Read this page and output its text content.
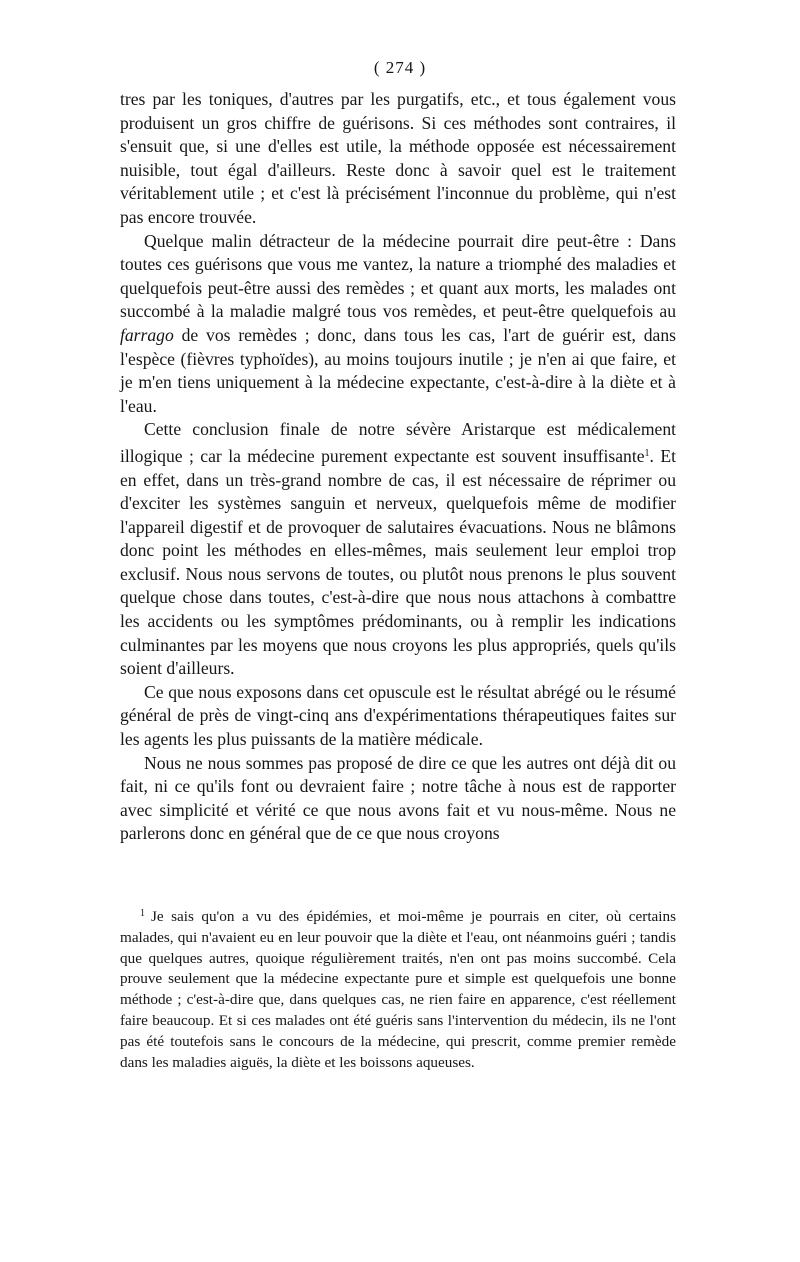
( 274 )

tres par les toniques, d'autres par les purgatifs, etc., et tous également vous produisent un gros chiffre de guérisons. Si ces méthodes sont contraires, il s'ensuit que, si une d'elles est utile, la méthode opposée est nécessairement nuisible, tout égal d'ailleurs. Reste donc à savoir quel est le traitement véritablement utile ; et c'est là précisément l'inconnue du problème, qui n'est pas encore trouvée.

Quelque malin détracteur de la médecine pourrait dire peut-être : Dans toutes ces guérisons que vous me vantez, la nature a triomphé des maladies et quelquefois peut-être aussi des remèdes ; et quant aux morts, les malades ont succombé à la maladie malgré tous vos remèdes, et peut-être quelquefois au farrago de vos remèdes ; donc, dans tous les cas, l'art de guérir est, dans l'espèce (fièvres typhoïdes), au moins toujours inutile ; je n'en ai que faire, et je m'en tiens uniquement à la médecine expectante, c'est-à-dire à la diète et à l'eau.

Cette conclusion finale de notre sévère Aristarque est médicalement illogique ; car la médecine purement expectante est souvent insuffisante$^1$. Et en effet, dans un très-grand nombre de cas, il est nécessaire de réprimer ou d'exciter les systèmes sanguin et nerveux, quelquefois même de modifier l'appareil digestif et de provoquer de salutaires évacuations. Nous ne blâmons donc point les méthodes en elles-mêmes, mais seulement leur emploi trop exclusif. Nous nous servons de toutes, ou plutôt nous prenons le plus souvent quelque chose dans toutes, c'est-à-dire que nous nous attachons à combattre les accidents ou les symptômes prédominants, ou à remplir les indications culminantes par les moyens que nous croyons les plus appropriés, quels qu'ils soient d'ailleurs.

Ce que nous exposons dans cet opuscule est le résultat abrégé ou le résumé général de près de vingt-cinq ans d'expérimentations thérapeutiques faites sur les agents les plus puissants de la matière médicale.

Nous ne nous sommes pas proposé de dire ce que les autres ont déjà dit ou fait, ni ce qu'ils font ou devraient faire ; notre tâche à nous est de rapporter avec simplicité et vérité ce que nous avons fait et vu nous-même. Nous ne parlerons donc en général que de ce que nous croyons

$^1$ Je sais qu'on a vu des épidémies, et moi-même je pourrais en citer, où certains malades, qui n'avaient eu en leur pouvoir que la diète et l'eau, ont néanmoins guéri ; tandis que quelques autres, quoique régulièrement traités, n'en ont pas moins succombé. Cela prouve seulement que la médecine expectante pure et simple est quelquefois une bonne méthode ; c'est-à-dire que, dans quelques cas, ne rien faire en apparence, c'est réellement faire beaucoup. Et si ces malades ont été guéris sans l'intervention du médecin, ils ne l'ont pas été toutefois sans le concours de la médecine, qui prescrit, comme premier remède dans les maladies aiguës, la diète et les boissons aqueuses.
